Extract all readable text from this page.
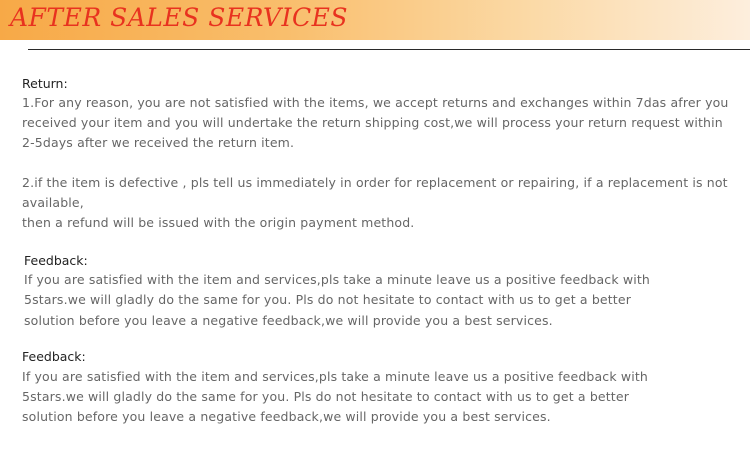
AFTER SALES SERVICES
Return:
1.For any reason, you are not satisfied with the items, we accept returns and exchanges within 7das afrer you
received your item and you will undertake the return shipping cost,we will process your return request within
2-5days after we received the return item.
2.if the item is defective , pls tell us immediately in order for replacement or repairing, if a replacement is not
available,
then a refund will be issued with the origin payment method.
Feedback:
If you are satisfied with the item and services,pls take a minute leave us a positive feedback with
5stars.we will gladly do the same for you. Pls do not hesitate to contact with us to get a better
solution before you leave a negative feedback,we will provide you a best services.
Feedback:
If you are satisfied with the item and services,pls take a minute leave us a positive feedback with
5stars.we will gladly do the same for you. Pls do not hesitate to contact with us to get a better
solution before you leave a negative feedback,we will provide you a best services.
